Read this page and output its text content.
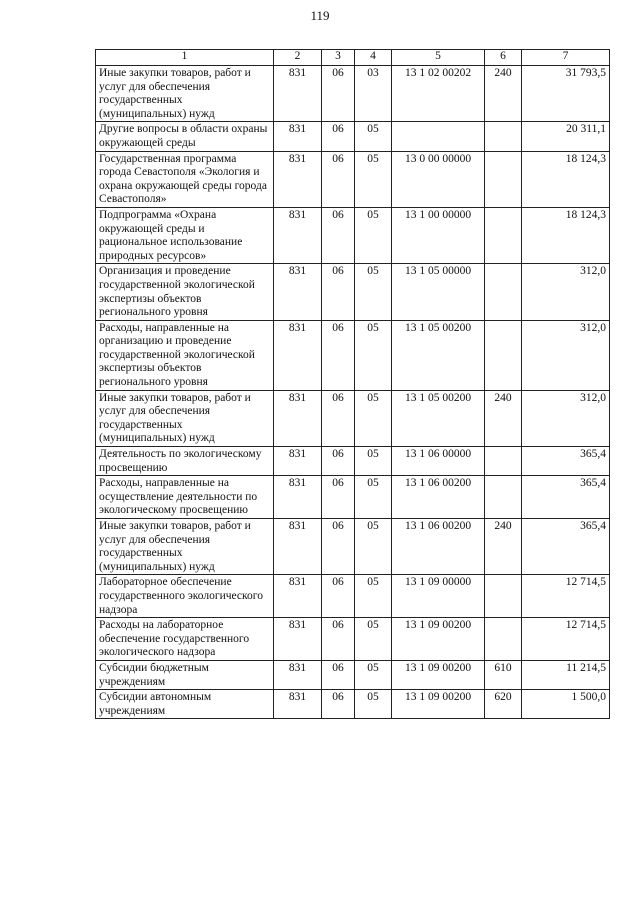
119
1	2	3	4	5	6	7
Иные закупки товаров, работ и услуг для обеспечения государственных (муниципальных) нужд	831	06	03	13 1 02 00202	240	31 793,5
Другие вопросы в области охраны окружающей среды	831	06	05			20 311,1
Государственная программа города Севастополя «Экология и охрана окружающей среды города Севастополя»	831	06	05	13 0 00 00000		18 124,3
Подпрограмма «Охрана окружающей среды и рациональное использование природных ресурсов»	831	06	05	13 1 00 00000		18 124,3
Организация и проведение государственной экологической экспертизы объектов регионального уровня	831	06	05	13 1 05 00000		312,0
Расходы, направленные на организацию и проведение государственной экологической экспертизы объектов регионального уровня	831	06	05	13 1 05 00200		312,0
Иные закупки товаров, работ и услуг для обеспечения государственных (муниципальных) нужд	831	06	05	13 1 05 00200	240	312,0
Деятельность по экологическому просвещению	831	06	05	13 1 06 00000		365,4
Расходы, направленные на осуществление деятельности по экологическому просвещению	831	06	05	13 1 06 00200		365,4
Иные закупки товаров, работ и услуг для обеспечения государственных (муниципальных) нужд	831	06	05	13 1 06 00200	240	365,4
Лабораторное обеспечение государственного экологического надзора	831	06	05	13 1 09 00000		12 714,5
Расходы на лабораторное обеспечение государственного экологического надзора	831	06	05	13 1 09 00200		12 714,5
Субсидии бюджетным учреждениям	831	06	05	13 1 09 00200	610	11 214,5
Субсидии автономным учреждениям	831	06	05	13 1 09 00200	620	1 500,0
